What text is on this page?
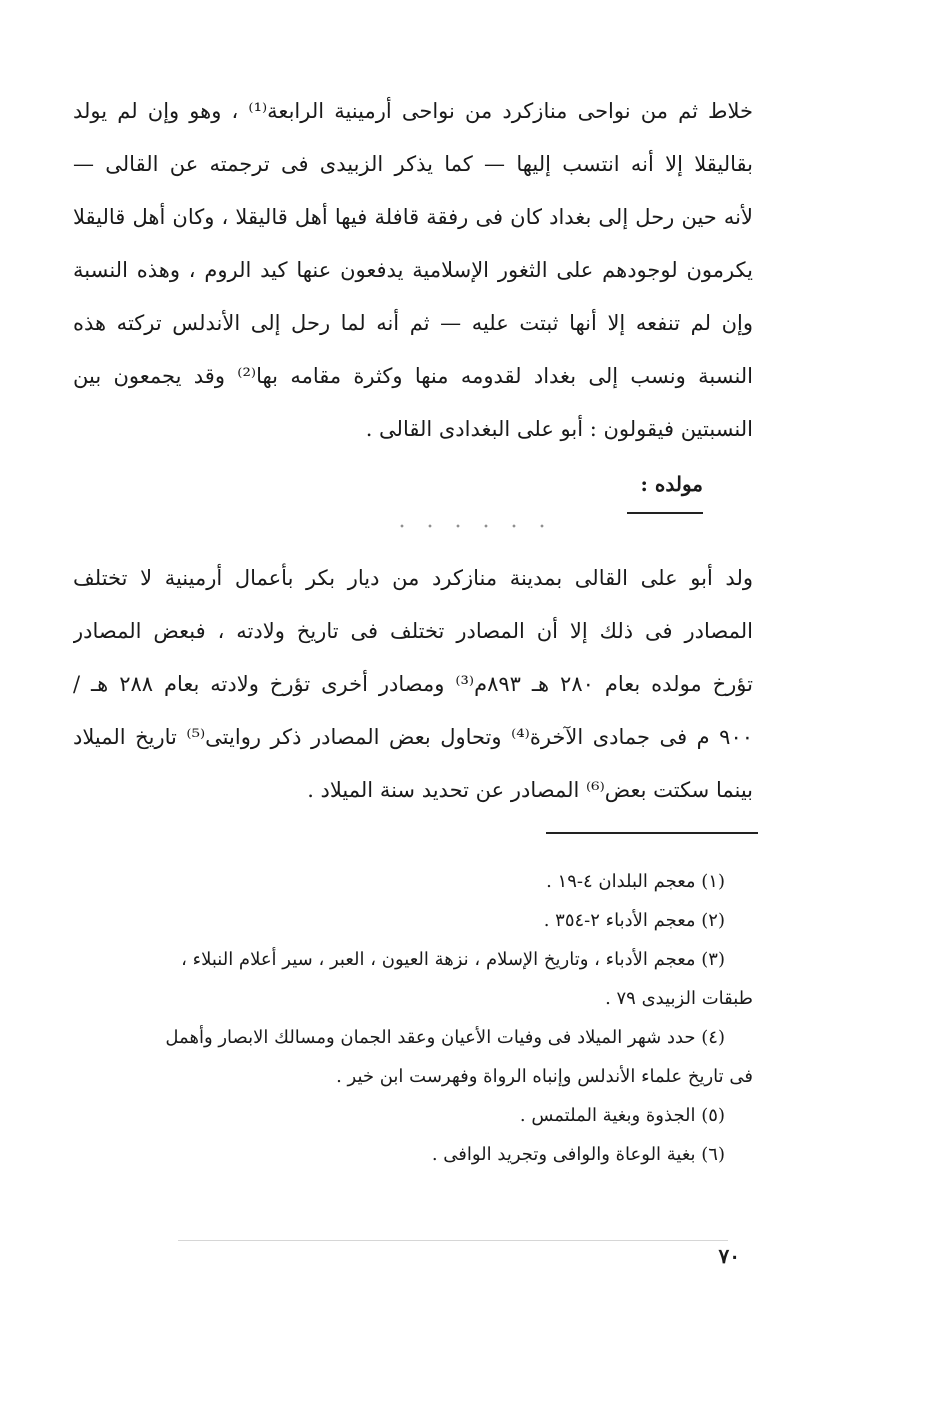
خلاط ثم من نواحى منازكرد من نواحى أرمينية الرابعة⁽¹⁾ ، وهو وإن لم يولد
بقاليقلا إلا أنه انتسب إليها — كما يذكر الزبيدى فى ترجمته عن القالى —
لأنه حين رحل إلى بغداد كان فى رفقة قافلة فيها أهل قاليقلا ، وكان أهل قاليقلا
يكرمون لوجودهم على الثغور الإسلامية يدفعون عنها كيد الروم ، وهذه النسبة
وإن لم تنفعه إلا أنها ثبتت عليه — ثم أنه لما رحل إلى الأندلس تركته هذه
النسبة ونسب إلى بغداد لقدومه منها وكثرة مقامه بها⁽²⁾ وقد يجمعون بين
النسبتين فيقولون : أبو على البغدادى القالى .
مولده :
ولد أبو على القالى بمدينة منازكرد من ديار بكر بأعمال أرمينية لا تختلف
المصادر فى ذلك إلا أن المصادر تختلف فى تاريخ ولادته ، فبعض المصادر
تؤرخ مولده بعام ٢٨٠ هـ ٨٩٣م⁽³⁾ ومصادر أخرى تؤرخ ولادته بعام ٢٨٨ هـ /
٩٠٠ م فى جمادى الآخرة⁽⁴⁾ وتحاول بعض المصادر ذكر روايتى⁽⁵⁾ تاريخ الميلاد
بينما سكتت بعض⁽⁶⁾ المصادر عن تحديد سنة الميلاد .
(١) معجم البلدان ٤-١٩ .
(٢) معجم الأدباء ٢-٣٥٤ .
(٣) معجم الأدباء ، وتاريخ الإسلام ، نزهة العيون ، العبر ، سير أعلام النبلاء ،
طبقات الزبيدى ٧٩ .
(٤) حدد شهر الميلاد فى وفيات الأعيان وعقد الجمان ومسالك الابصار وأهمل
فى تاريخ علماء الأندلس وإنباه الرواة وفهرست ابن خير .
(٥) الجذوة وبغية الملتمس .
(٦) بغية الوعاة والوافى وتجريد الوافى .
٧٠
